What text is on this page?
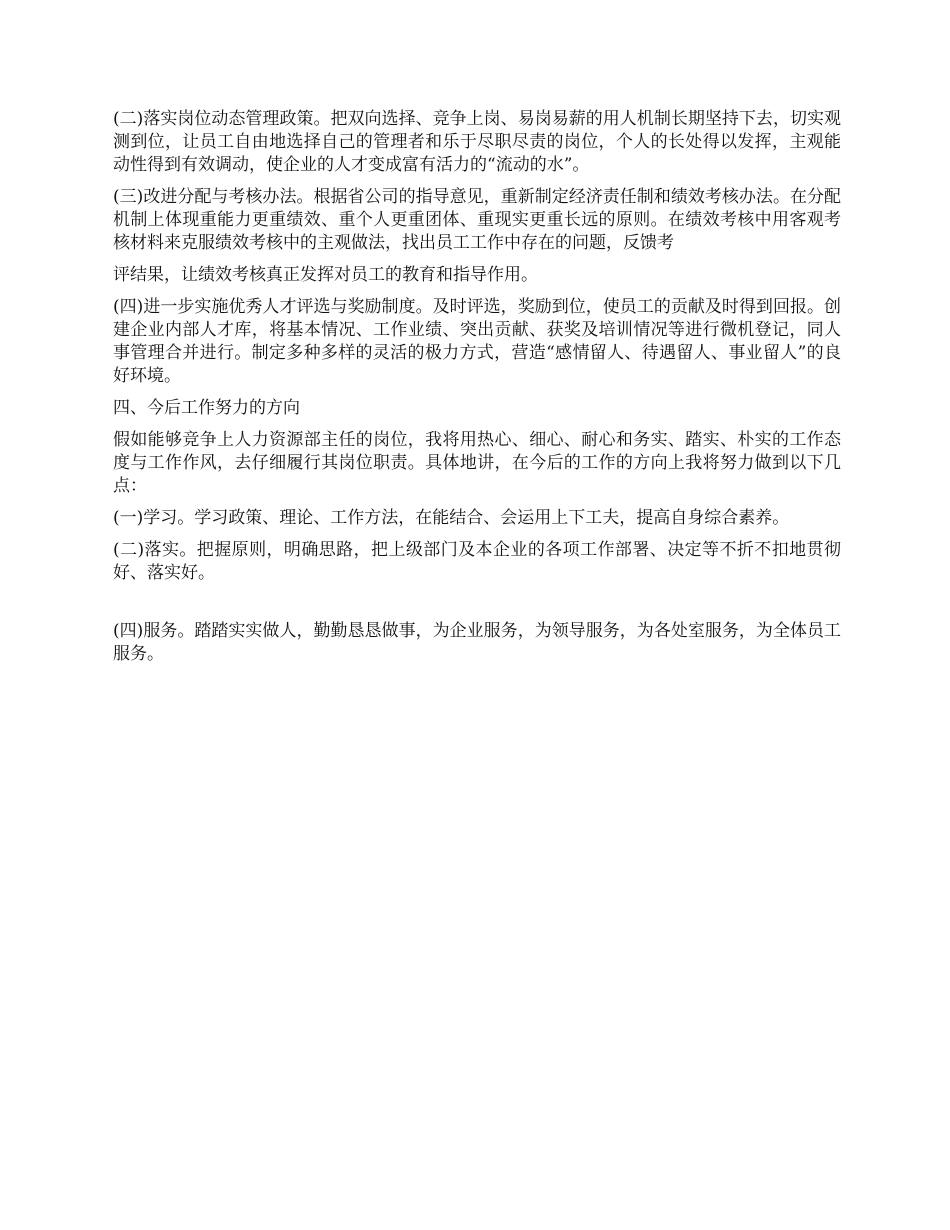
(二)落实岗位动态管理政策。把双向选择、竞争上岗、易岗易薪的用人机制长期坚持下去，切实观测到位，让员工自由地选择自己的管理者和乐于尽职尽责的岗位，个人的长处得以发挥，主观能动性得到有效调动，使企业的人才变成富有活力的“流动的水”。

(三)改进分配与考核办法。根据省公司的指导意见，重新制定经济责任制和绩效考核办法。在分配机制上体现重能力更重绩效、重个人更重团体、重现实更重长远的原则。在绩效考核中用客观考核材料来克服绩效考核中的主观做法，找出员工工作中存在的问题，反馈考

评结果，让绩效考核真正发挥对员工的教育和指导作用。

(四)进一步实施优秀人才评选与奖励制度。及时评选，奖励到位，使员工的贡献及时得到回报。创建企业内部人才库，将基本情况、工作业绩、突出贡献、获奖及培训情况等进行微机登记，同人事管理合并进行。制定多种多样的灵活的极力方式，营造“感情留人、待遇留人、事业留人”的良好环境。

四、今后工作努力的方向

假如能够竞争上人力资源部主任的岗位，我将用热心、细心、耐心和务实、踏实、朴实的工作态度与工作作风，去仔细履行其岗位职责。具体地讲，在今后的工作的方向上我将努力做到以下几点：

(一)学习。学习政策、理论、工作方法，在能结合、会运用上下工夫，提高自身综合素养。

(二)落实。把握原则，明确思路，把上级部门及本企业的各项工作部署、决定等不折不扣地贯彻好、落实好。

(四)服务。踏踏实实做人，勤勤恳恳做事，为企业服务，为领导服务，为各处室服务，为全体员工服务。
